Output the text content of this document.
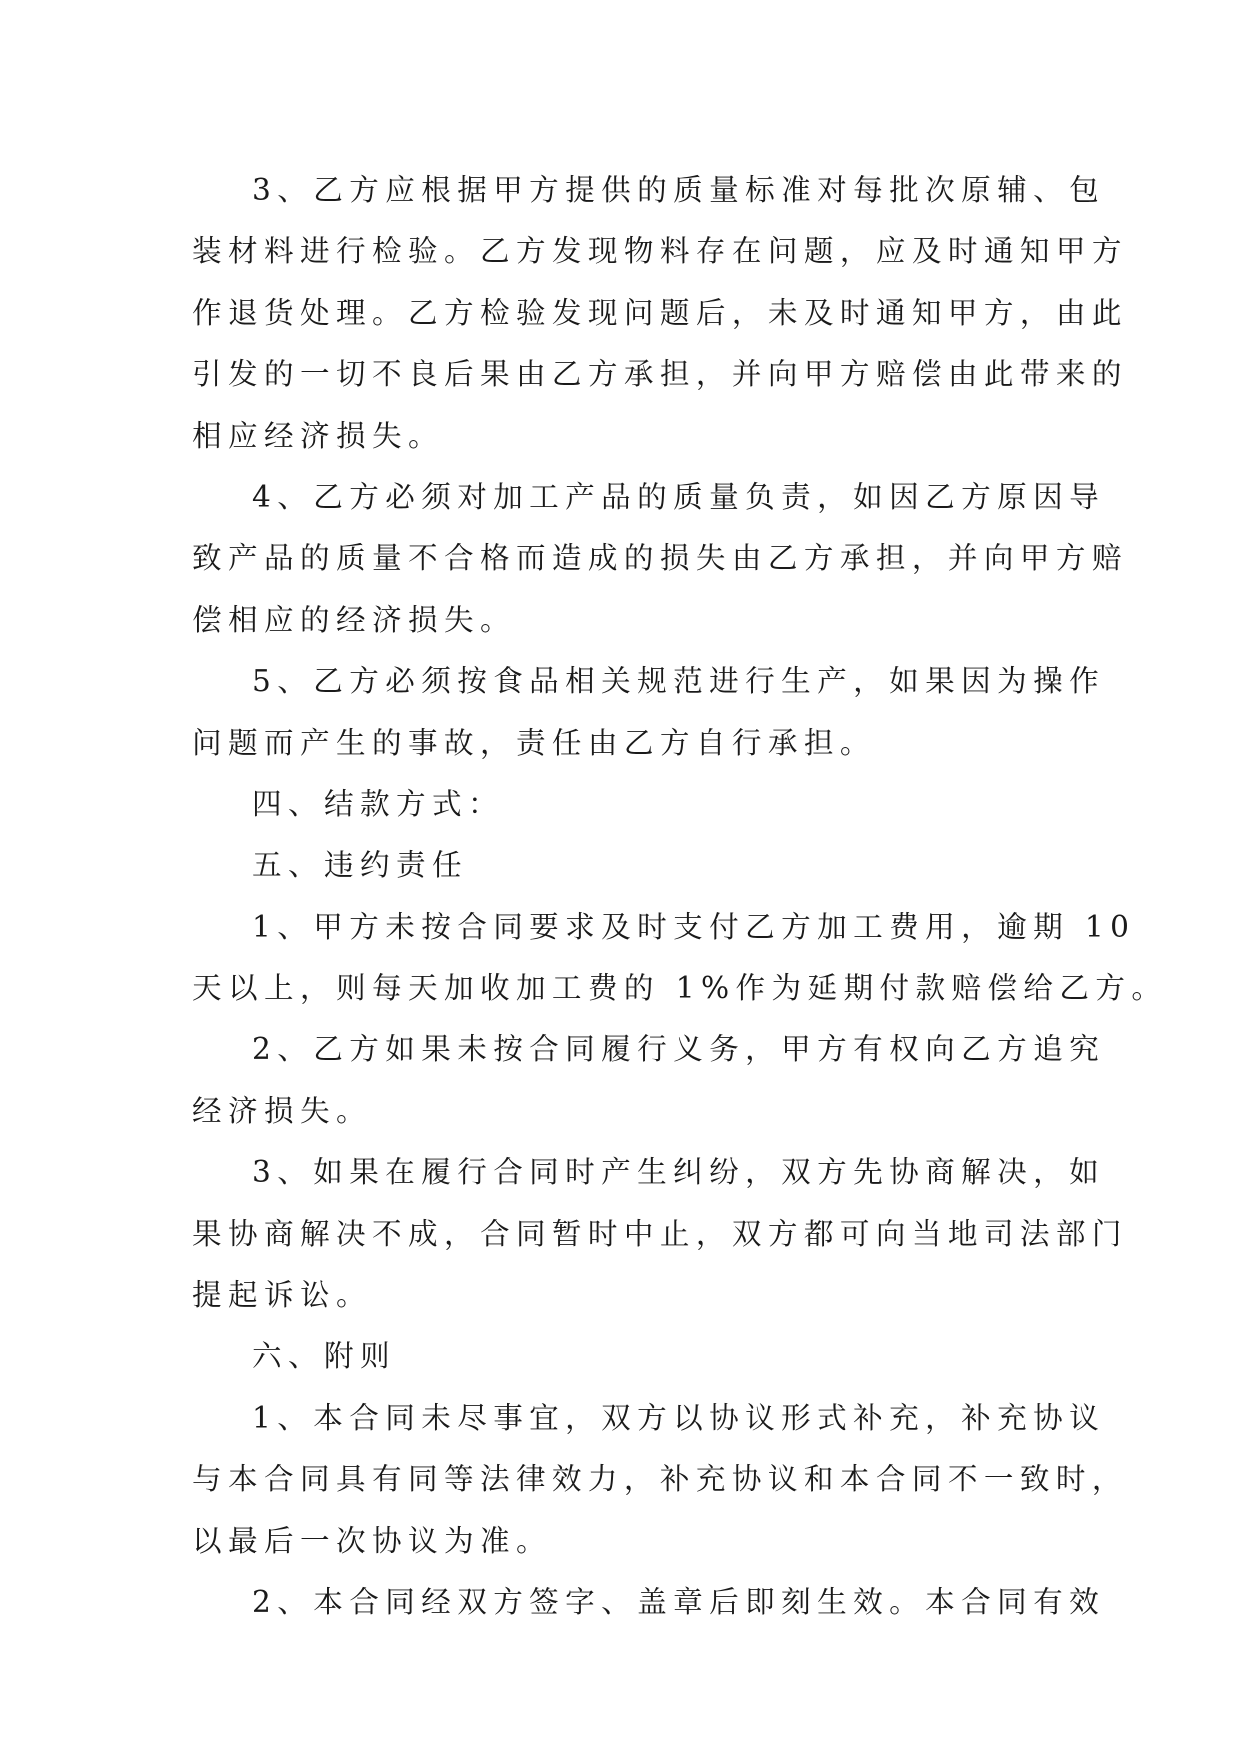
3、乙方应根据甲方提供的质量标准对每批次原辅、包
装材料进行检验。乙方发现物料存在问题，应及时通知甲方
作退货处理。乙方检验发现问题后，未及时通知甲方，由此
引发的一切不良后果由乙方承担，并向甲方赔偿由此带来的
相应经济损失。
4、乙方必须对加工产品的质量负责，如因乙方原因导
致产品的质量不合格而造成的损失由乙方承担，并向甲方赔
偿相应的经济损失。
5、乙方必须按食品相关规范进行生产，如果因为操作
问题而产生的事故，责任由乙方自行承担。
四、结款方式：
五、违约责任
1、甲方未按合同要求及时支付乙方加工费用，逾期 10
天以上，则每天加收加工费的 1%作为延期付款赔偿给乙方。
2、乙方如果未按合同履行义务，甲方有权向乙方追究
经济损失。
3、如果在履行合同时产生纠纷，双方先协商解决，如
果协商解决不成，合同暂时中止，双方都可向当地司法部门
提起诉讼。
六、附则
1、本合同未尽事宜，双方以协议形式补充，补充协议
与本合同具有同等法律效力，补充协议和本合同不一致时，
以最后一次协议为准。
2、本合同经双方签字、盖章后即刻生效。本合同有效
